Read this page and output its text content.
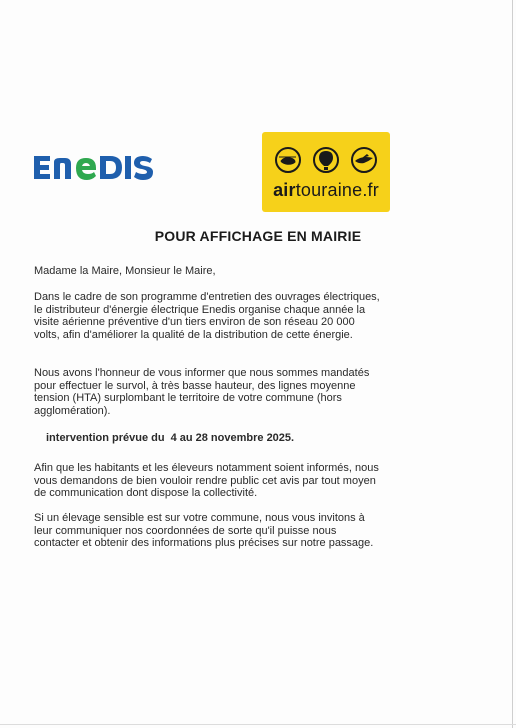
airtouraine.fr
POUR AFFICHAGE EN MAIRIE

Madame la Maire, Monsieur le Maire,

Dans le cadre de son programme d'entretien des ouvrages électriques, le distributeur d'énergie électrique Enedis organise chaque année la visite aérienne préventive d'un tiers environ de son réseau 20 000 volts, afin d'améliorer la qualité de la distribution de cette énergie.

Nous avons l'honneur de vous informer que nous sommes mandatés pour effectuer le survol, à très basse hauteur, des lignes moyenne tension (HTA) surplombant le territoire de votre commune (hors agglomération).

intervention prévue du 4 au 28 novembre 2025.

Afin que les habitants et les éleveurs notamment soient informés, nous vous demandons de bien vouloir rendre public cet avis par tout moyen de communication dont dispose la collectivité.

Si un élevage sensible est sur votre commune, nous vous invitons à leur communiquer nos coordonnées de sorte qu'il puisse nous contacter et obtenir des informations plus précises sur notre passage.
